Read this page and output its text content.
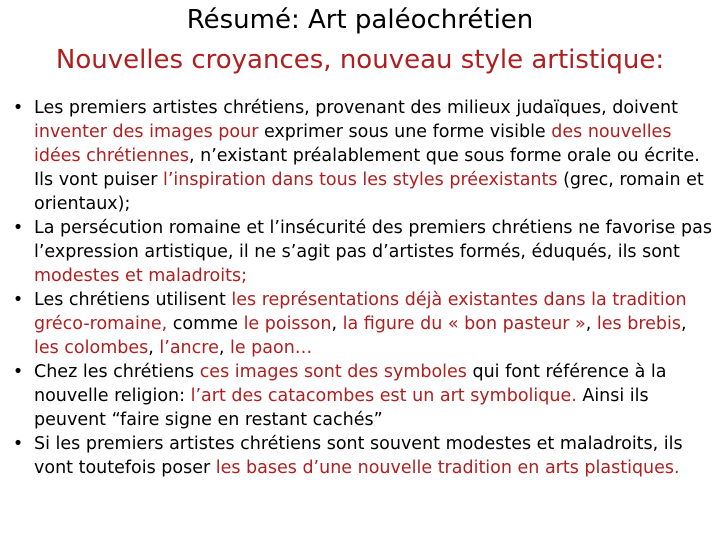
Résumé: Art paléochrétien
Nouvelles croyances, nouveau style artistique:
• Les premiers artistes chrétiens, provenant des milieux judaïques, doivent inventer des images pour exprimer sous une forme visible des nouvelles idées chrétiennes, n’existant préalablement que sous forme orale ou écrite. Ils vont puiser l’inspiration dans tous les styles préexistants (grec, romain et orientaux);
• La persécution romaine et l’insécurité des premiers chrétiens ne favorise pas l’expression artistique, il ne s’agit pas d’artistes formés, éduqués, ils sont modestes et maladroits;
• Les chrétiens utilisent les représentations déjà existantes dans la tradition gréco-romaine, comme le poisson, la figure du « bon pasteur », les brebis, les colombes, l’ancre, le paon…
• Chez les chrétiens ces images sont des symboles qui font référence à la nouvelle religion: l’art des catacombes est un art symbolique. Ainsi ils peuvent “faire signe en restant cachés”
• Si les premiers artistes chrétiens sont souvent modestes et maladroits, ils vont toutefois poser les bases d’une nouvelle tradition en arts plastiques.
